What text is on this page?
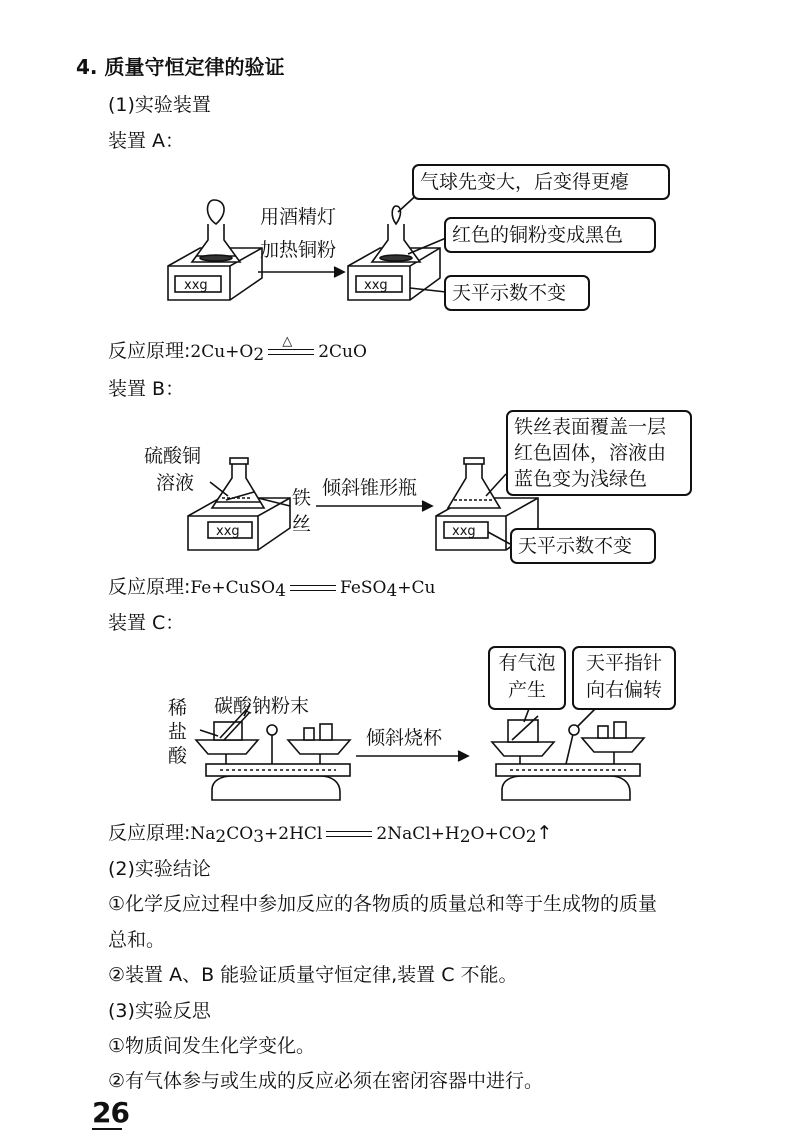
4. 质量守恒定律的验证
(1)实验装置
装置 A：
xxg	xxg
用酒精灯
加热铜粉
气球先变大，后变得更瘪
红色的铜粉变成黑色
天平示数不变
反应原理$:2Cu+O_2$
△
2CuO
装置 B：
xxg	xxg
硫酸铜
溶液
铁
丝
倾斜锥形瓶
铁丝表面覆盖一层
红色固体，溶液由
蓝色变为浅绿色
天平示数不变
反应原理:Fe+CuSO$_4$	FeSO$_4$+Cu
装置 C：
稀
盐
酸
碳酸钠粉末
倾斜烧杯
有气泡
产生
天平指针
向右偏转
反应原理$:Na_2CO_3+2HCl$	$2NaCl+H_2O+CO_2↑$
(2)实验结论
①化学反应过程中参加反应的各物质的质量总和等于生成物的质量
总和。
②装置 A、B 能验证质量守恒定律,装置 C 不能。
(3)实验反思
①物质间发生化学变化。
②有气体参与或生成的反应必须在密闭容器中进行。
26
